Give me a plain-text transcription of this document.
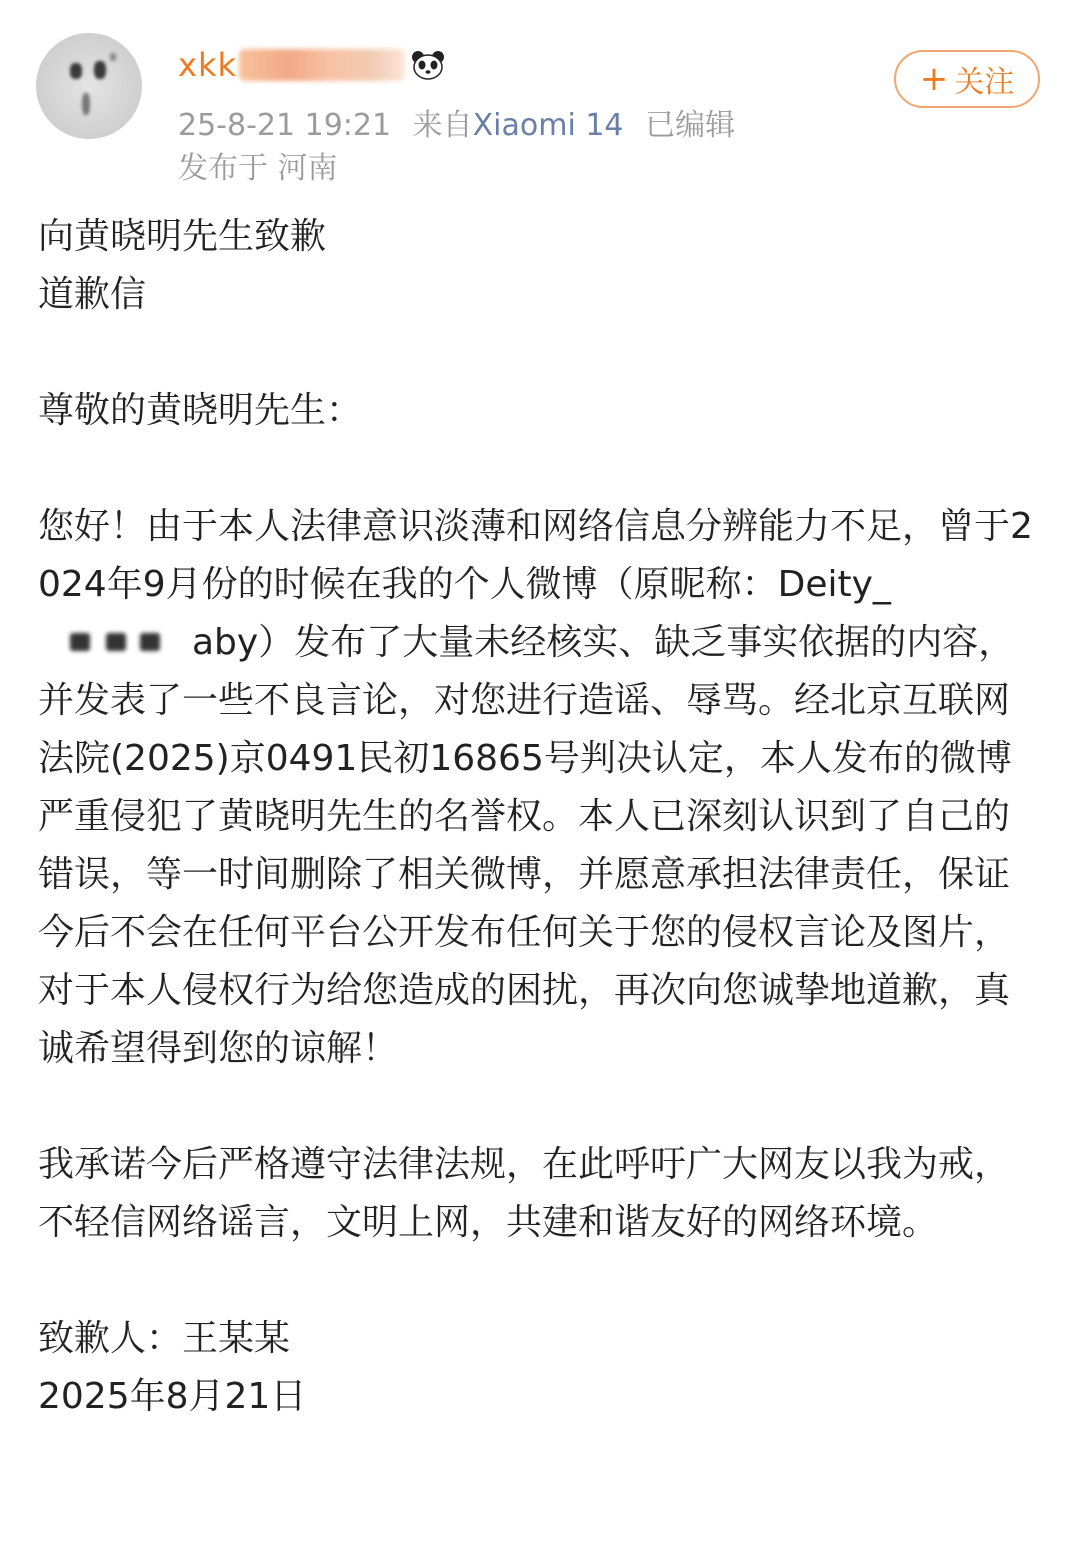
xkk
25-8-21 19:21 来自Xiaomi 14 已编辑
发布于 河南
+ 关注

向黄晓明先生致歉

道歉信

尊敬的黄晓明先生：

您好！由于本人法律意识淡薄和网络信息分辨能力不足，曾于2024年9月份的时候在我的个人微博（原昵称：Deity_
aby）发布了大量未经核实、缺乏事实依据的内容，并发表了一些不良言论，对您进行造谣、辱骂。经北京互联网法院(2025)京0491民初16865号判决认定，本人发布的微博严重侵犯了黄晓明先生的名誉权。本人已深刻认识到了自己的错误，等一时间删除了相关微博，并愿意承担法律责任，保证今后不会在任何平台公开发布任何关于您的侵权言论及图片，对于本人侵权行为给您造成的困扰，再次向您诚挚地道歉，真诚希望得到您的谅解！

我承诺今后严格遵守法律法规，在此呼吁广大网友以我为戒，不轻信网络谣言，文明上网，共建和谐友好的网络环境。

致歉人：王某某

2025年8月21日
